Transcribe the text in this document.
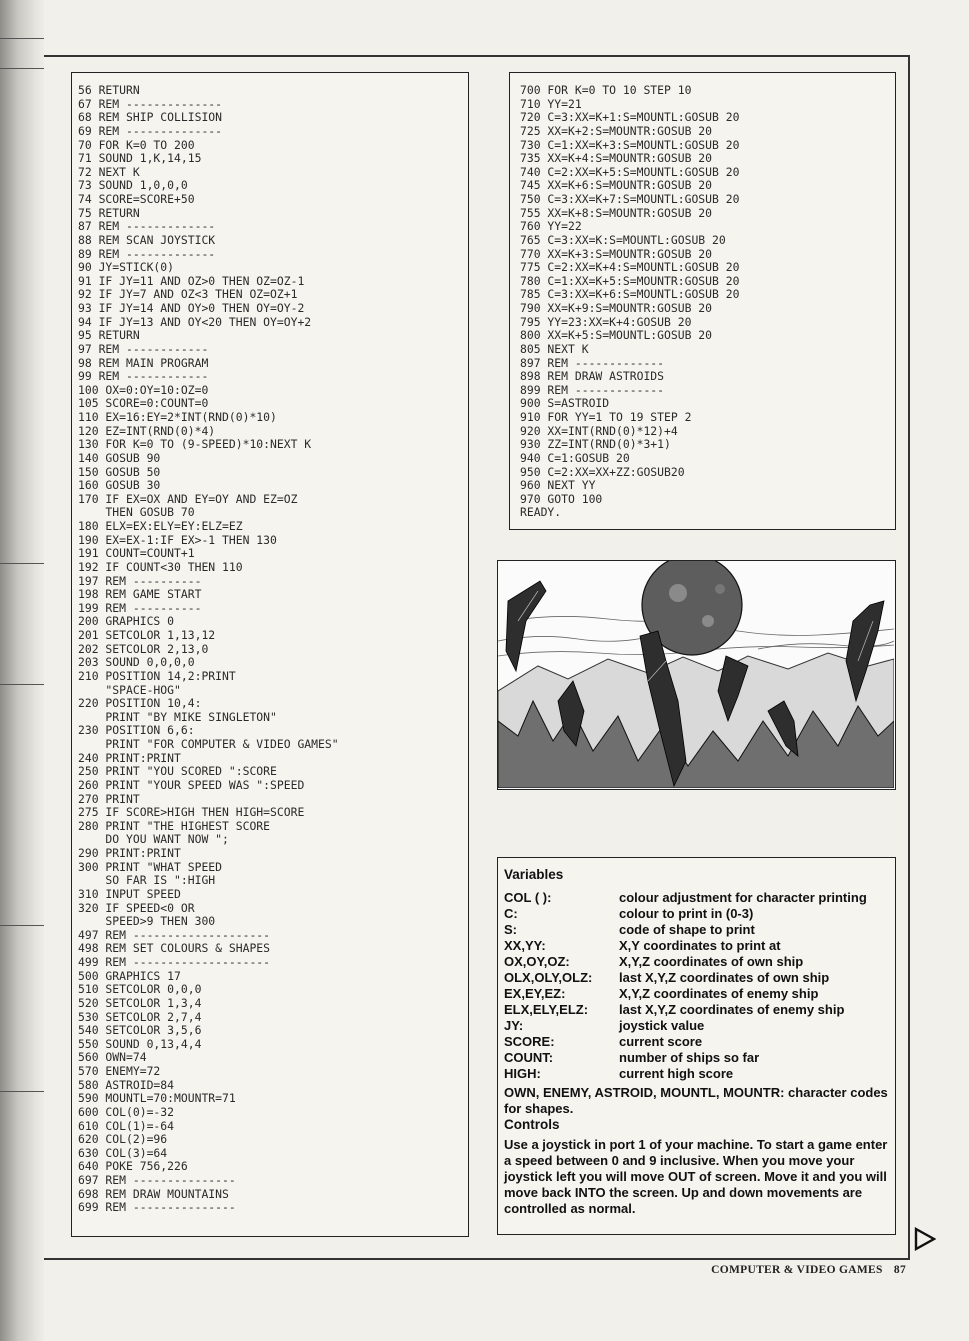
56 RETURN
67 REM --------------
68 REM SHIP COLLISION
69 REM --------------
70 FOR K=0 TO 200
71 SOUND 1,K,14,15
72 NEXT K
73 SOUND 1,0,0,0
74 SCORE=SCORE+50
75 RETURN
87 REM -------------
88 REM SCAN JOYSTICK
89 REM -------------
90 JY=STICK(0)
91 IF JY=11 AND OZ>0 THEN OZ=OZ-1
92 IF JY=7 AND OZ<3 THEN OZ=OZ+1
93 IF JY=14 AND OY>0 THEN OY=OY-2
94 IF JY=13 AND OY<20 THEN OY=OY+2
95 RETURN
97 REM ------------
98 REM MAIN PROGRAM
99 REM ------------
100 OX=0:OY=10:OZ=0
105 SCORE=0:COUNT=0
110 EX=16:EY=2*INT(RND(0)*10)
120 EZ=INT(RND(0)*4)
130 FOR K=0 TO (9-SPEED)*10:NEXT K
140 GOSUB 90
150 GOSUB 50
160 GOSUB 30
170 IF EX=OX AND EY=OY AND EZ=OZ
THEN GOSUB 70
180 ELX=EX:ELY=EY:ELZ=EZ
190 EX=EX-1:IF EX>-1 THEN 130
191 COUNT=COUNT+1
192 IF COUNT<30 THEN 110
197 REM ----------
198 REM GAME START
199 REM ----------
200 GRAPHICS 0
201 SETCOLOR 1,13,12
202 SETCOLOR 2,13,0
203 SOUND 0,0,0,0
210 POSITION 14,2:PRINT
"SPACE-HOG"
220 POSITION 10,4:
PRINT "BY MIKE SINGLETON"
230 POSITION 6,6:
PRINT "FOR COMPUTER & VIDEO GAMES"
240 PRINT:PRINT
250 PRINT "YOU SCORED ":SCORE
260 PRINT "YOUR SPEED WAS ":SPEED
270 PRINT
275 IF SCORE>HIGH THEN HIGH=SCORE
280 PRINT "THE HIGHEST SCORE
DO YOU WANT NOW ";
290 PRINT:PRINT
300 PRINT "WHAT SPEED
SO FAR IS ":HIGH
310 INPUT SPEED
320 IF SPEED<0 OR
SPEED>9 THEN 300
497 REM --------------------
498 REM SET COLOURS & SHAPES
499 REM --------------------
500 GRAPHICS 17
510 SETCOLOR 0,0,0
520 SETCOLOR 1,3,4
530 SETCOLOR 2,7,4
540 SETCOLOR 3,5,6
550 SOUND 0,13,4,4
560 OWN=74
570 ENEMY=72
580 ASTROID=84
590 MOUNTL=70:MOUNTR=71
600 COL(0)=-32
610 COL(1)=-64
620 COL(2)=96
630 COL(3)=64
640 POKE 756,226
697 REM ---------------
698 REM DRAW MOUNTAINS
699 REM ---------------
700 FOR K=0 TO 10 STEP 10
710 YY=21
720 C=3:XX=K+1:S=MOUNTL:GOSUB 20
725 XX=K+2:S=MOUNTR:GOSUB 20
730 C=1:XX=K+3:S=MOUNTL:GOSUB 20
735 XX=K+4:S=MOUNTR:GOSUB 20
740 C=2:XX=K+5:S=MOUNTL:GOSUB 20
745 XX=K+6:S=MOUNTR:GOSUB 20
750 C=3:XX=K+7:S=MOUNTL:GOSUB 20
755 XX=K+8:S=MOUNTR:GOSUB 20
760 YY=22
765 C=3:XX=K:S=MOUNTL:GOSUB 20
770 XX=K+3:S=MOUNTR:GOSUB 20
775 C=2:XX=K+4:S=MOUNTL:GOSUB 20
780 C=1:XX=K+5:S=MOUNTR:GOSUB 20
785 C=3:XX=K+6:S=MOUNTL:GOSUB 20
790 XX=K+9:S=MOUNTR:GOSUB 20
795 YY=23:XX=K+4:GOSUB 20
800 XX=K+5:S=MOUNTL:GOSUB 20
805 NEXT K
897 REM -------------
898 REM DRAW ASTROIDS
899 REM -------------
900 S=ASTROID
910 FOR YY=1 TO 19 STEP 2
920 XX=INT(RND(0)*12)+4
930 ZZ=INT(RND(0)*3+1)
940 C=1:GOSUB 20
950 C=2:XX=XX+ZZ:GOSUB20
960 NEXT YY
970 GOTO 100
READY.
Variables
COL ( ):	colour adjustment for character printing
C:	colour to print in (0-3)
S:	code of shape to print
XX,YY:	X,Y coordinates to print at
OX,OY,OZ:	X,Y,Z coordinates of own ship
OLX,OLY,OLZ: last X,Y,Z coordinates of own ship
EX,EY,EZ:	X,Y,Z coordinates of enemy ship
ELX,ELY,ELZ: last X,Y,Z coordinates of enemy ship
JY:	joystick value
SCORE:	current score
COUNT:	number of ships so far
HIGH:	current high score
OWN, ENEMY, ASTROID, MOUNTL, MOUNTR: character codes for shapes.
Controls
Use a joystick in port 1 of your machine. To start a game enter a speed between 0 and 9 inclusive. When you move your joystick left you will move OUT of screen. Move it and you will move back INTO the screen. Up and down movements are controlled as normal.
COMPUTER & VIDEO GAMES 87
